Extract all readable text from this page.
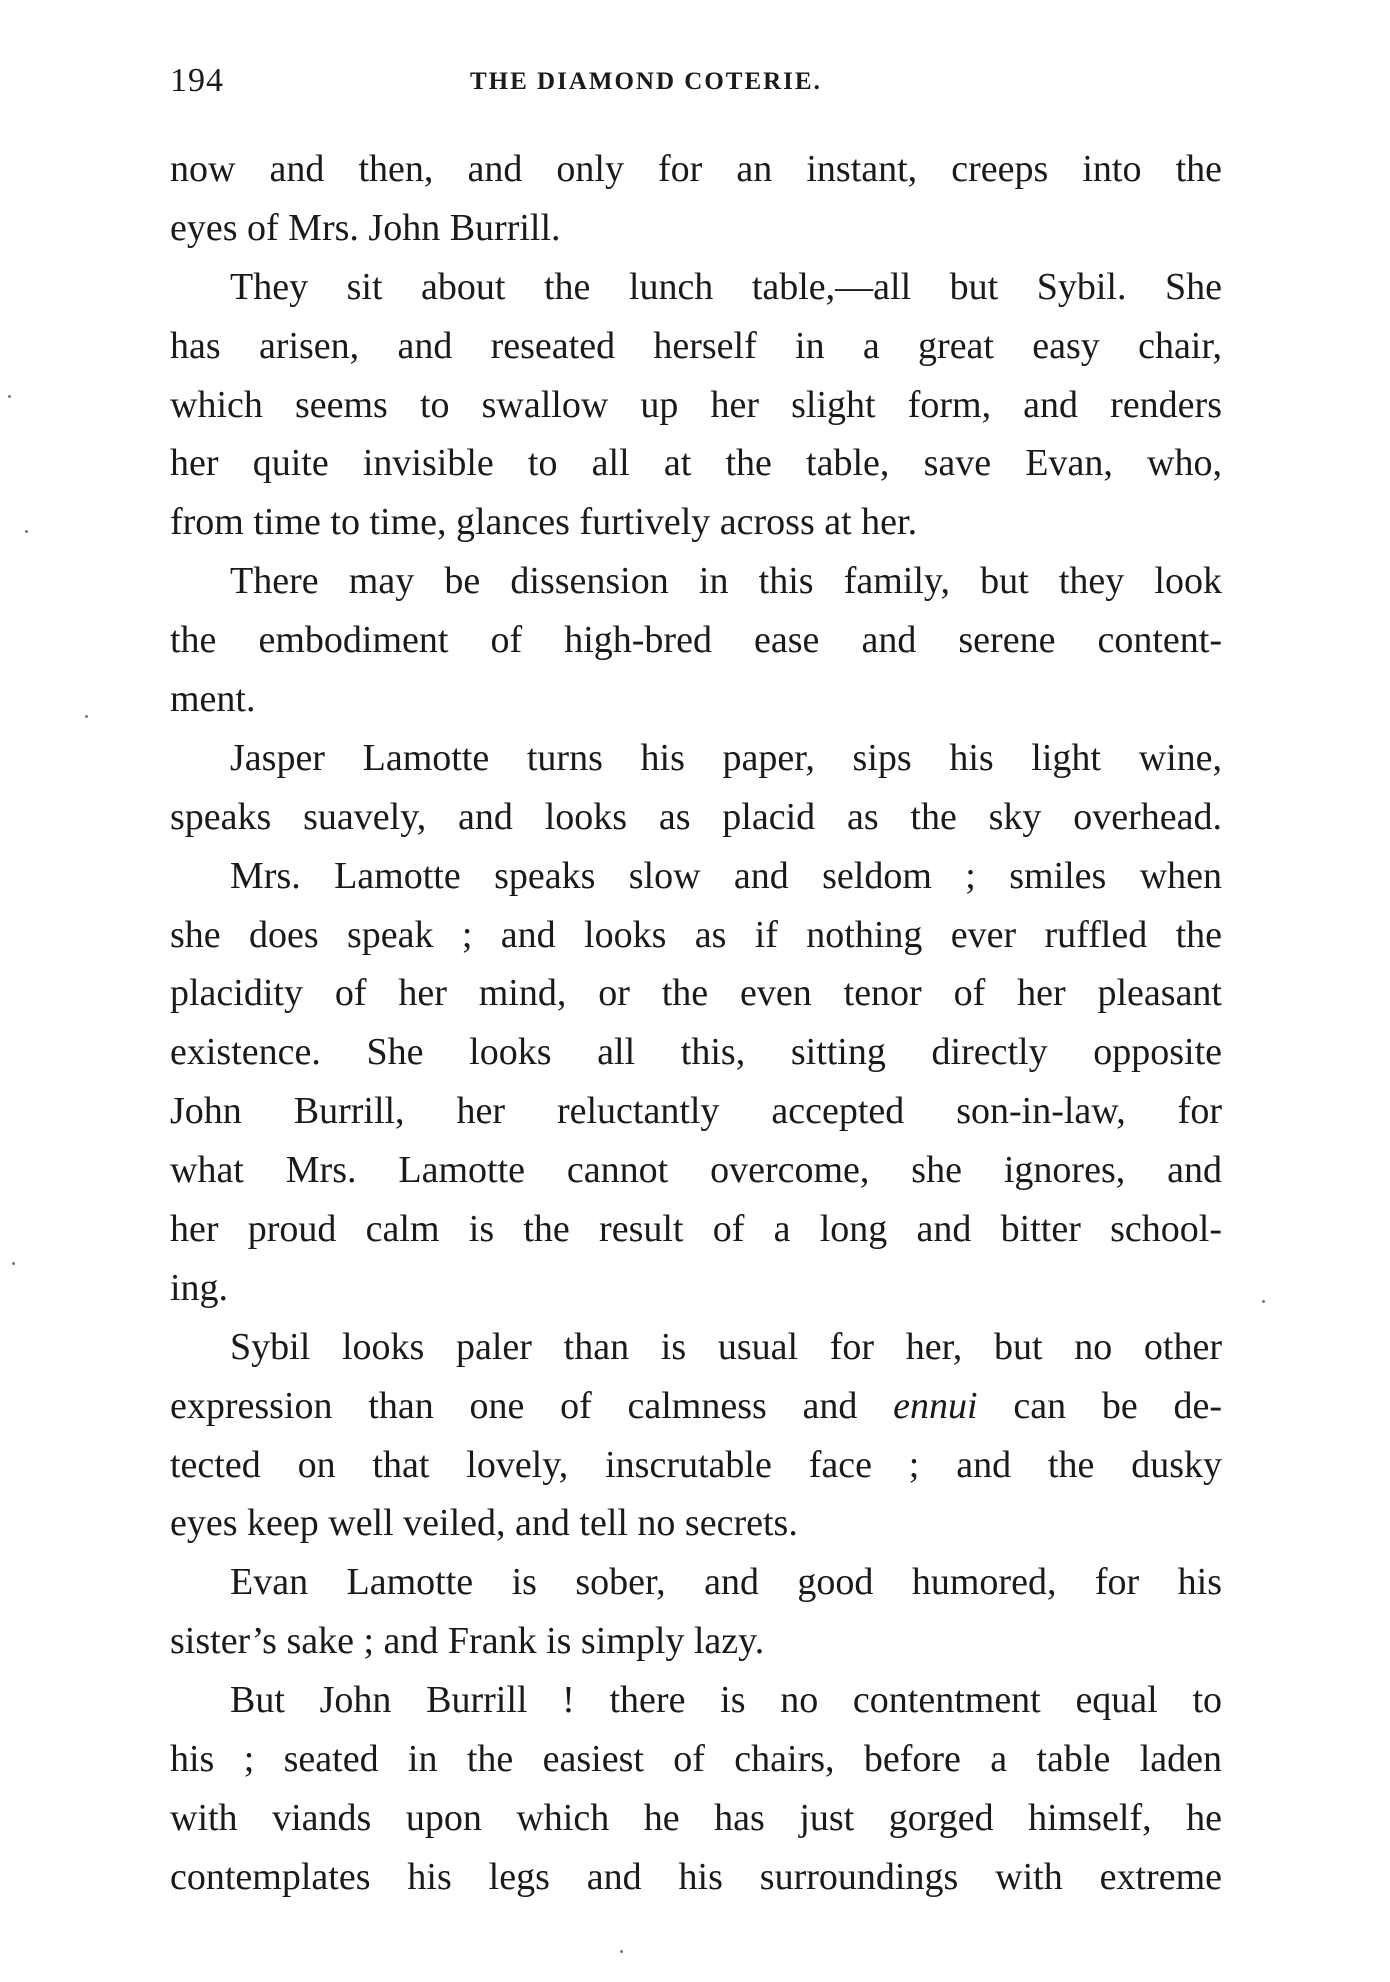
194	THE DIAMOND COTERIE.
now and then, and only for an instant, creeps into the
eyes of Mrs. John Burrill.
They sit about the lunch table,—all but Sybil. She
has arisen, and reseated herself in a great easy chair,
which seems to swallow up her slight form, and renders
her quite invisible to all at the table, save Evan, who,
from time to time, glances furtively across at her.
There may be dissension in this family, but they look
the embodiment of high-bred ease and serene content-
ment.
Jasper Lamotte turns his paper, sips his light wine,
speaks suavely, and looks as placid as the sky overhead.
Mrs. Lamotte speaks slow and seldom ; smiles when
she does speak ; and looks as if nothing ever ruffled the
placidity of her mind, or the even tenor of her pleasant
existence. She looks all this, sitting directly opposite
John Burrill, her reluctantly accepted son-in-law, for
what Mrs. Lamotte cannot overcome, she ignores, and
her proud calm is the result of a long and bitter school-
ing.
Sybil looks paler than is usual for her, but no other
expression than one of calmness and ennui can be de-
tected on that lovely, inscrutable face ; and the dusky
eyes keep well veiled, and tell no secrets.
Evan Lamotte is sober, and good humored, for his
sister’s sake ; and Frank is simply lazy.
But John Burrill ! there is no contentment equal to
his ; seated in the easiest of chairs, before a table laden
with viands upon which he has just gorged himself, he
contemplates his legs and his surroundings with extreme
